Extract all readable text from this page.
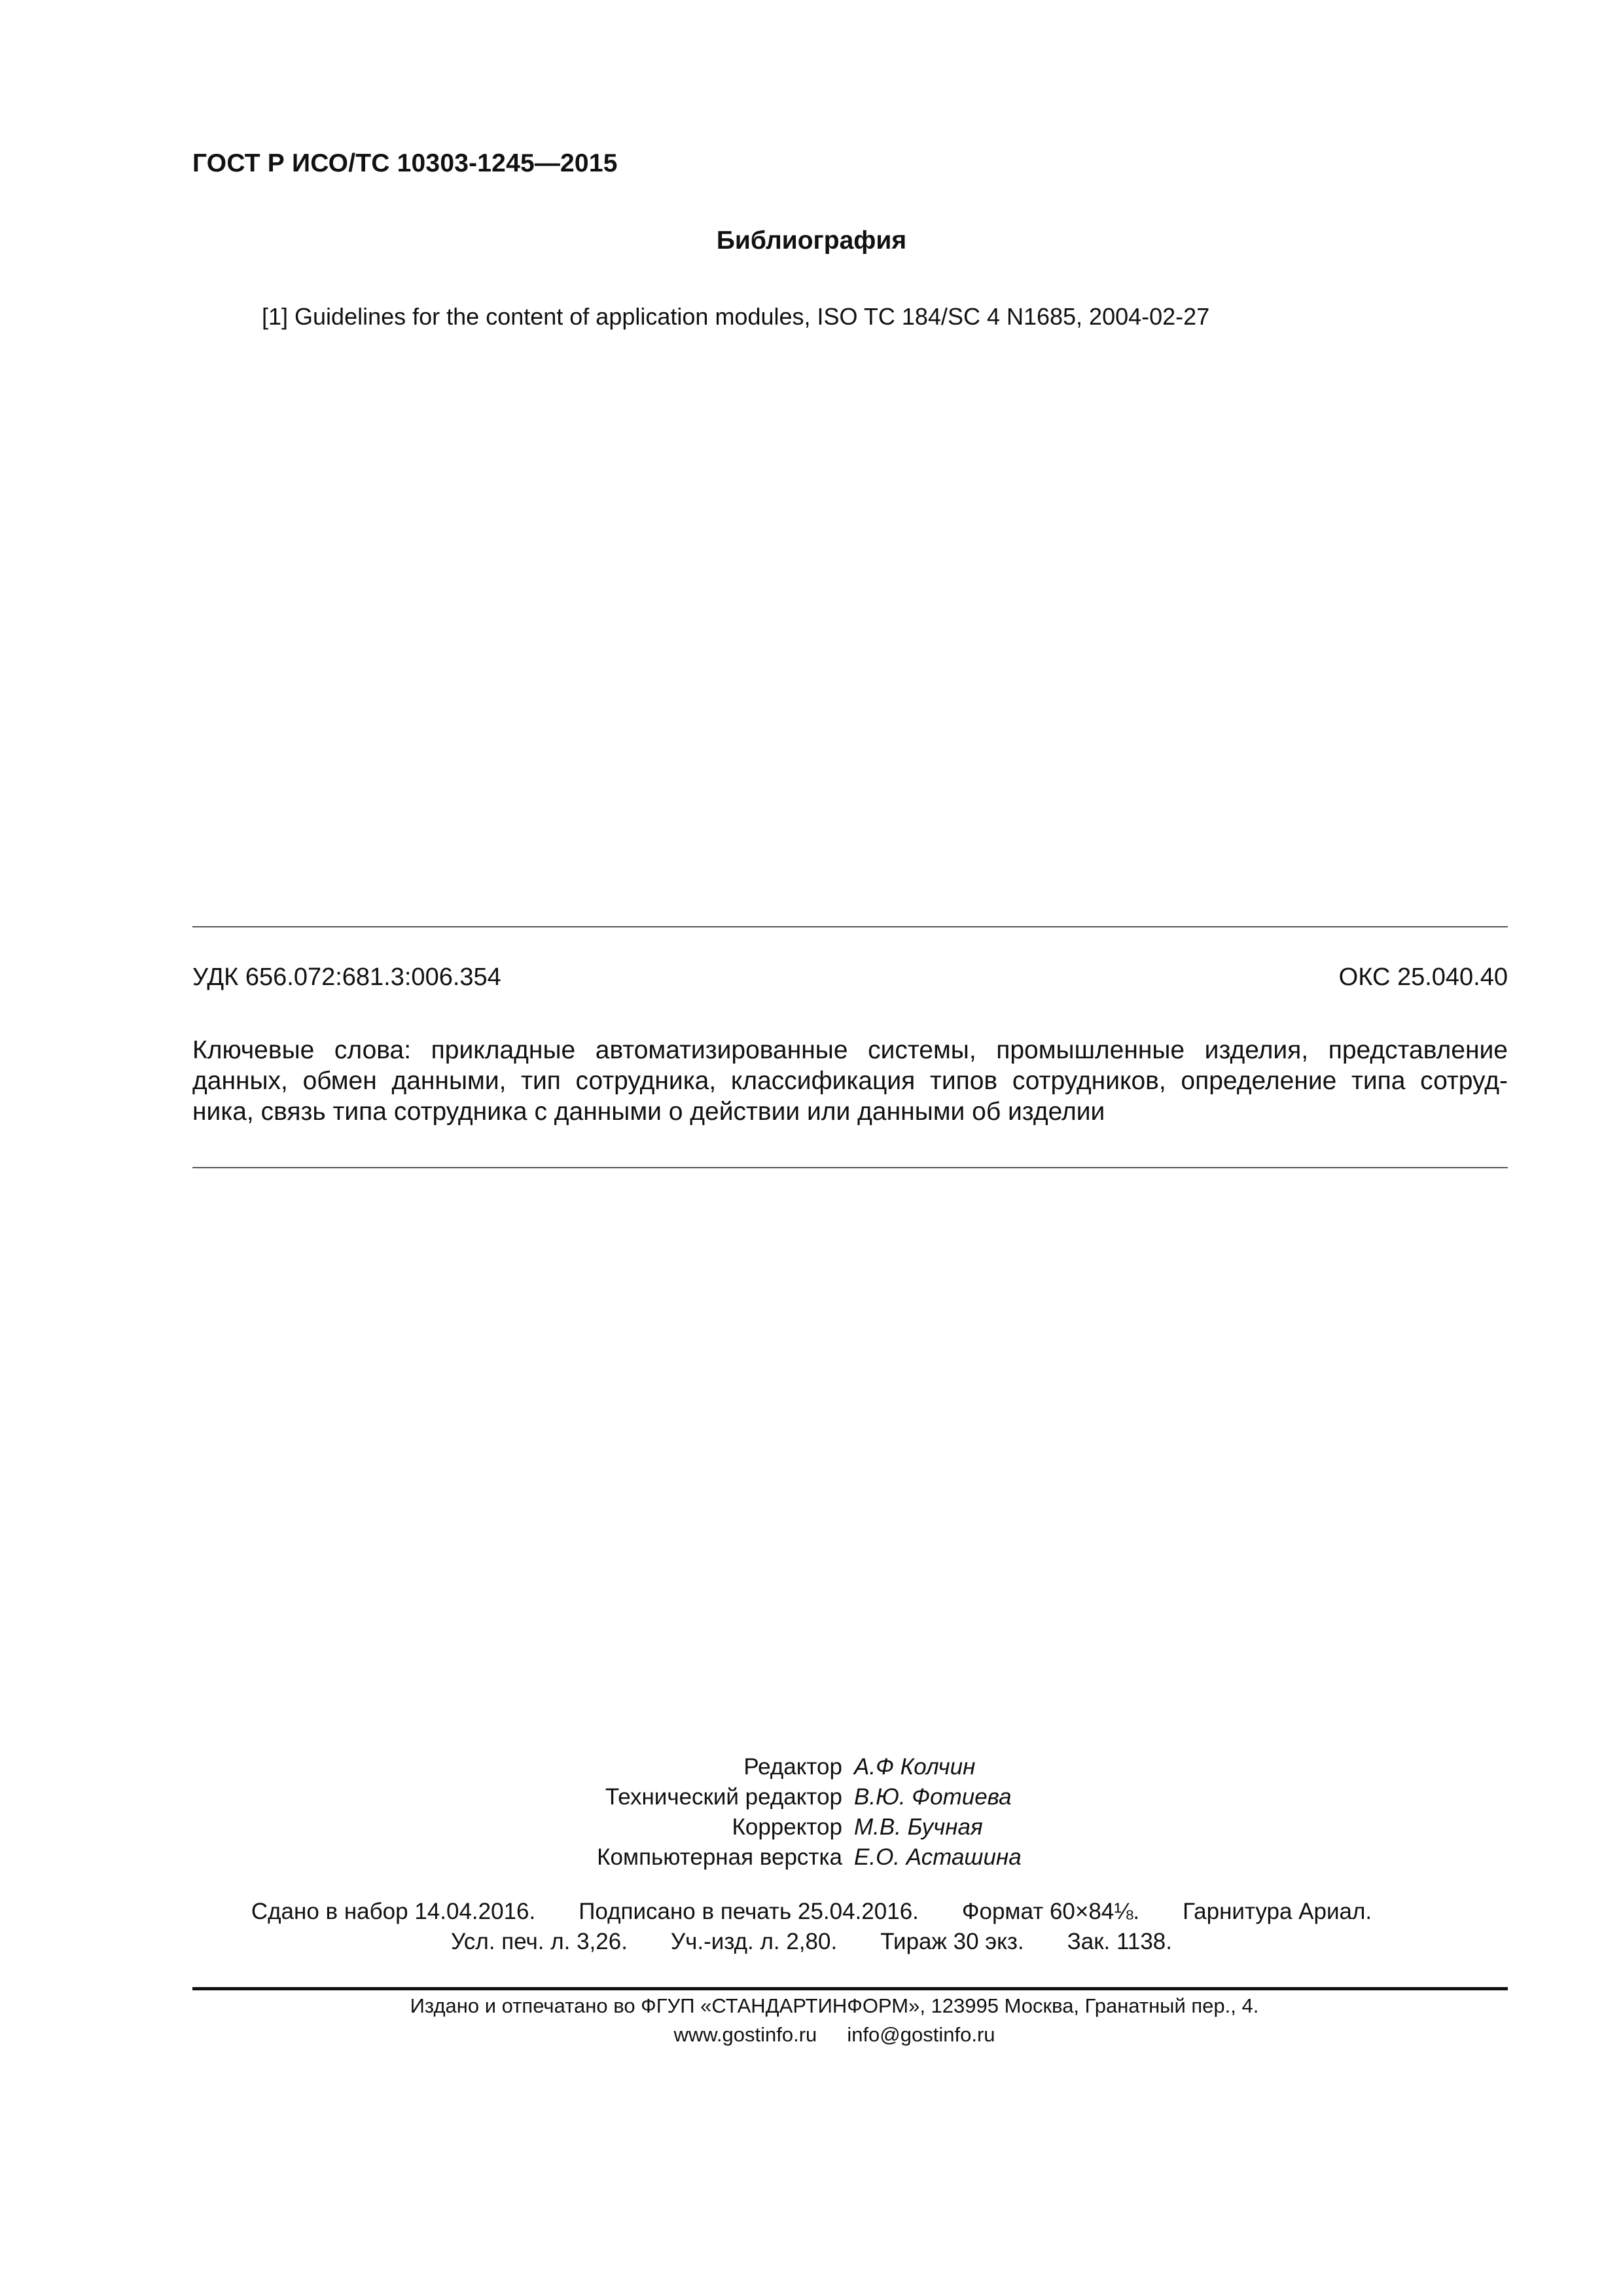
ГОСТ Р ИСО/ТС 10303-1245—2015
Библиография
[1] Guidelines for the content of application modules, ISO TC 184/SC 4 N1685, 2004-02-27
УДК 656.072:681.3:006.354	ОКС 25.040.40
Ключевые слова: прикладные автоматизированные системы, промышленные изделия, представление
данных, обмен данными, тип сотрудника, классификация типов сотрудников, определение типа сотруд-
ника, связь типа сотрудника с данными о действии или данными об изделии
Редактор А.Ф Колчин
Технический редактор В.Ю. Фотиева
Корректор М.В. Бучная
Компьютерная верстка Е.О. Асташина
Сдано в набор 14.04.2016. Подписано в печать 25.04.2016. Формат 60×84⅛. Гарнитура Ариал.
Усл. печ. л. 3,26. Уч.-изд. л. 2,80. Тираж 30 экз. Зак. 1138.
Издано и отпечатано во ФГУП «СТАНДАРТИНФОРМ», 123995 Москва, Гранатный пер., 4.
www.gostinfo.ru info@gostinfo.ru
